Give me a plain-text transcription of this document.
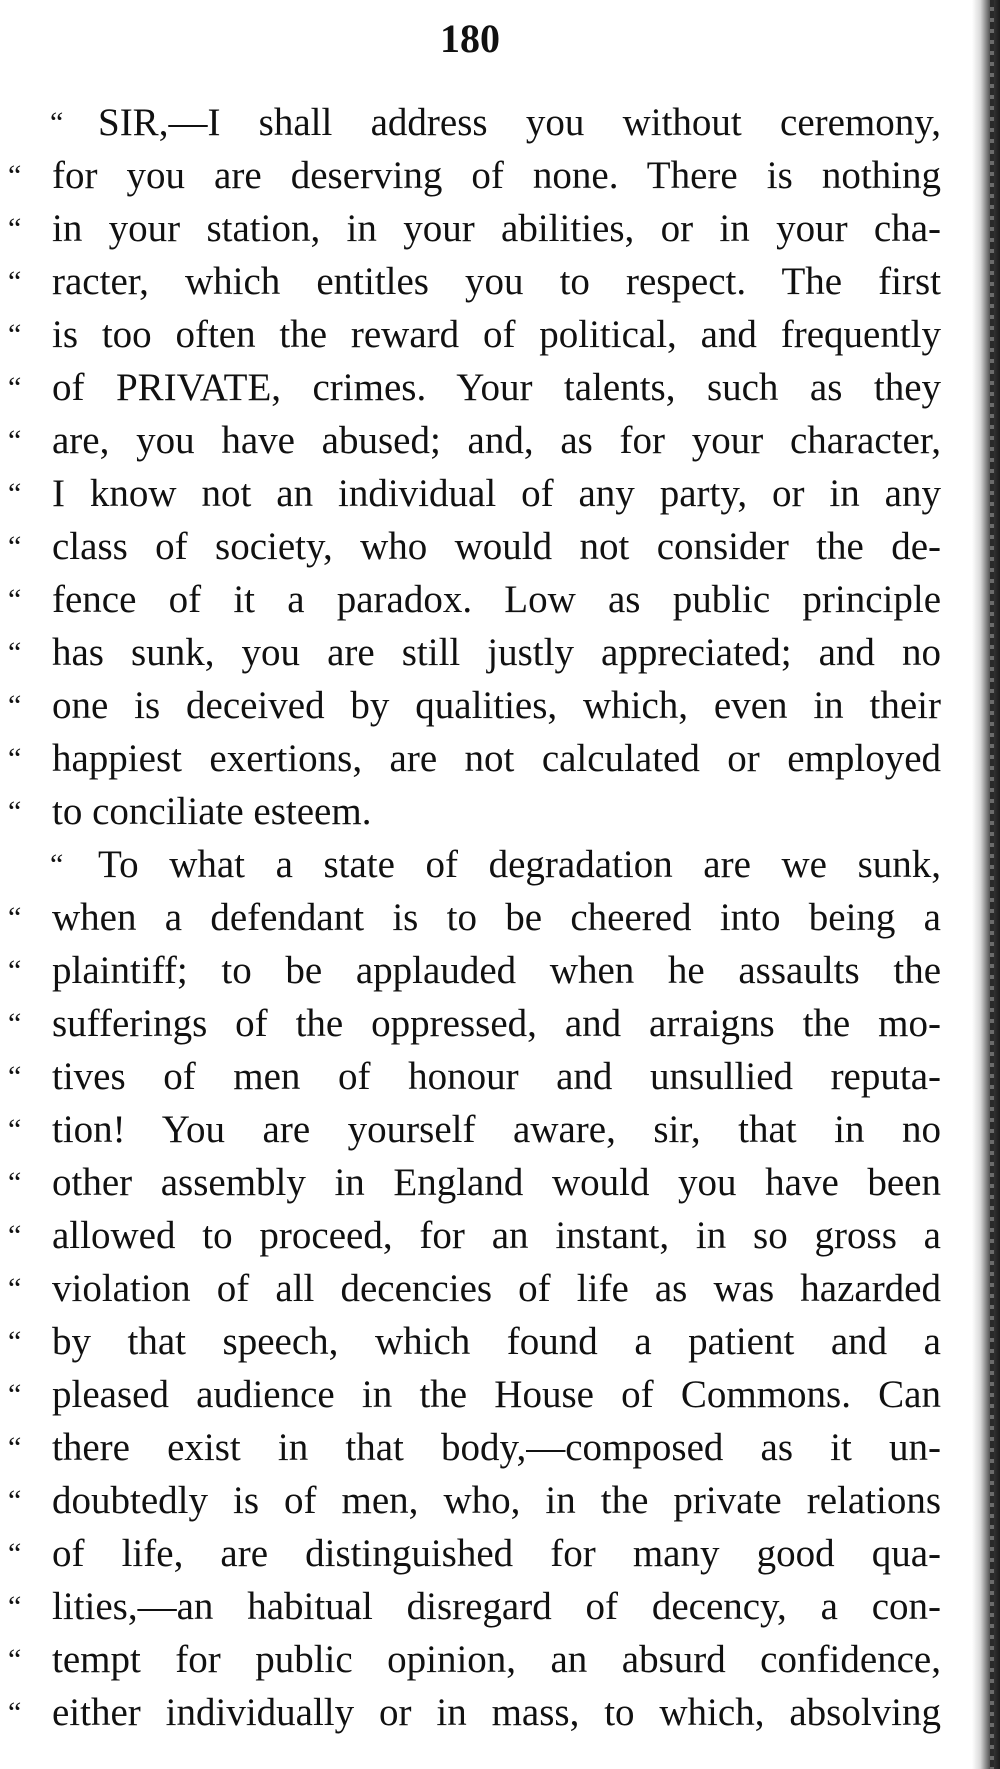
180
“ SIR,—I shall address you without ceremony,
“ for you are deserving of none. There is nothing
“ in your station, in your abilities, or in your cha-
“ racter, which entitles you to respect. The first
“ is too often the reward of political, and frequently
“ of PRIVATE, crimes. Your talents, such as they
“ are, you have abused; and, as for your character,
“ I know not an individual of any party, or in any
“ class of society, who would not consider the de-
“ fence of it a paradox. Low as public principle
“ has sunk, you are still justly appreciated; and no
“ one is deceived by qualities, which, even in their
“ happiest exertions, are not calculated or employed
“ to conciliate esteem.
“ To what a state of degradation are we sunk,
“ when a defendant is to be cheered into being a
“ plaintiff; to be applauded when he assaults the
“ sufferings of the oppressed, and arraigns the mo-
“ tives of men of honour and unsullied reputa-
“ tion! You are yourself aware, sir, that in no
“ other assembly in England would you have been
“ allowed to proceed, for an instant, in so gross a
“ violation of all decencies of life as was hazarded
“ by that speech, which found a patient and a
“ pleased audience in the House of Commons. Can
“ there exist in that body,—composed as it un-
“ doubtedly is of men, who, in the private relations
“ of life, are distinguished for many good qua-
“ lities,—an habitual disregard of decency, a con-
“ tempt for public opinion, an absurd confidence,
“ either individually or in mass, to which, absolving
